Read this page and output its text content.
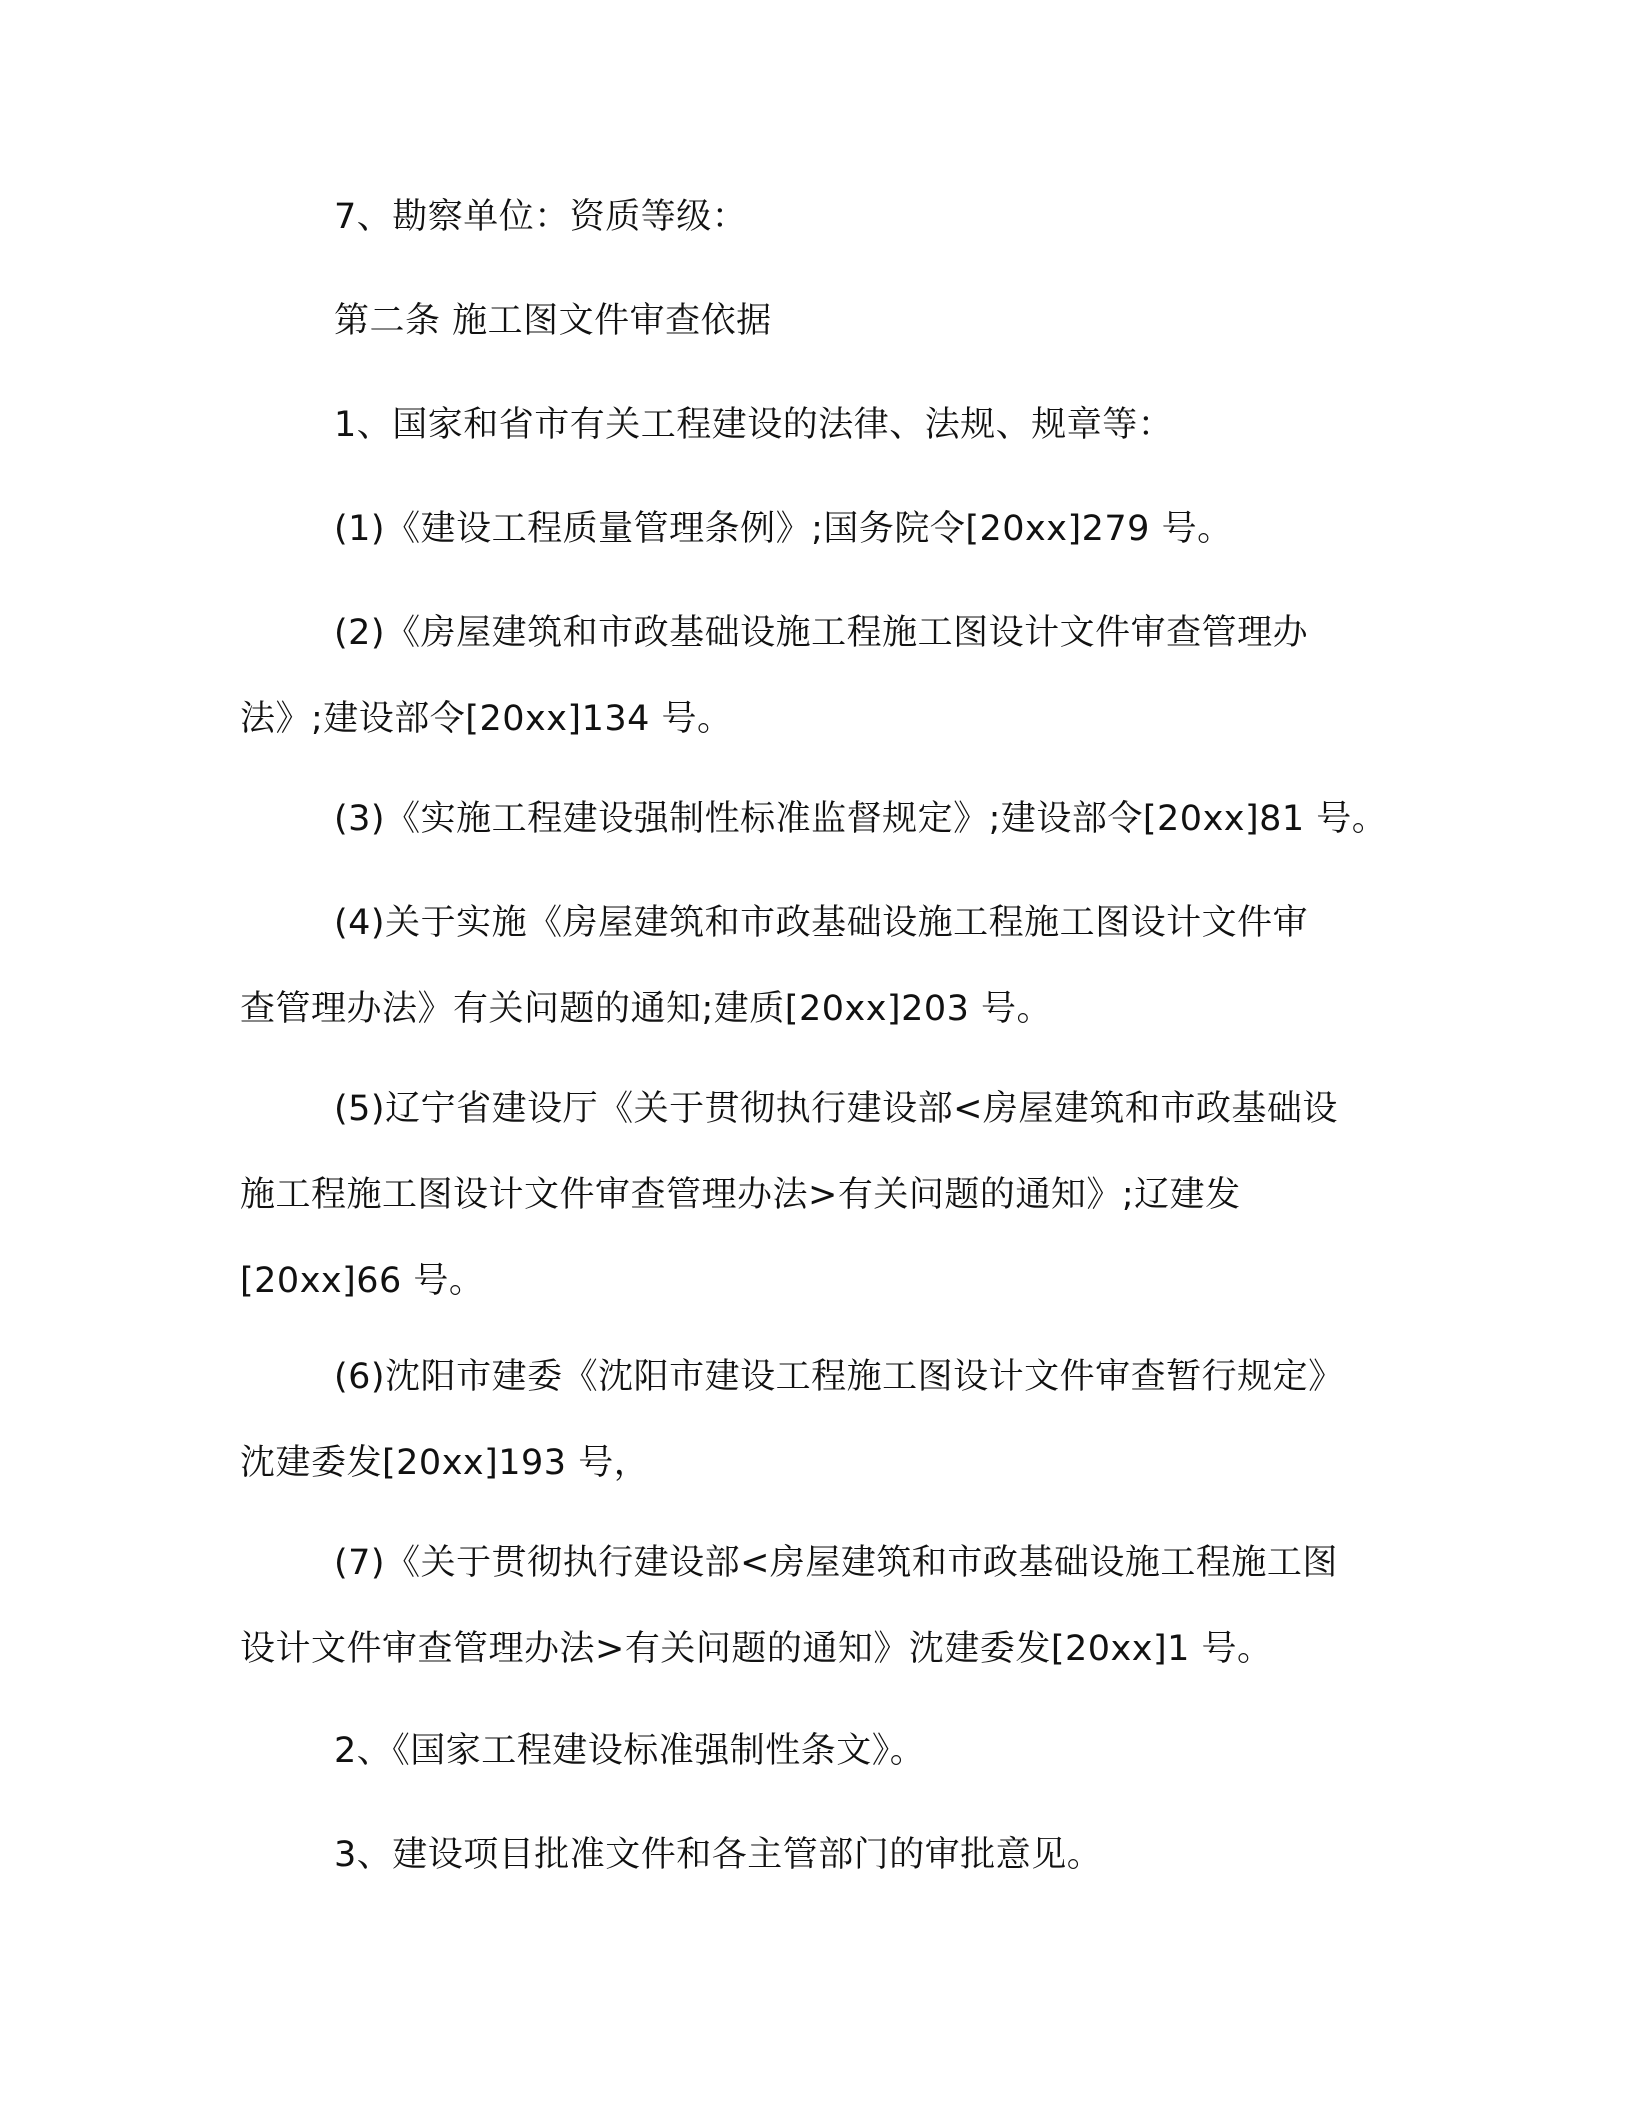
7、勘察单位：资质等级：
第二条 施工图文件审查依据
1、国家和省市有关工程建设的法律、法规、规章等：
(1)《建设工程质量管理条例》;国务院令[20xx]279 号。
(2)《房屋建筑和市政基础设施工程施工图设计文件审查管理办
法》;建设部令[20xx]134 号。
(3)《实施工程建设强制性标准监督规定》;建设部令[20xx]81 号。
(4)关于实施《房屋建筑和市政基础设施工程施工图设计文件审
查管理办法》有关问题的通知;建质[20xx]203 号。
(5)辽宁省建设厅《关于贯彻执行建设部<房屋建筑和市政基础设
施工程施工图设计文件审查管理办法>有关问题的通知》;辽建发
[20xx]66 号。
(6)沈阳市建委《沈阳市建设工程施工图设计文件审查暂行规定》
沈建委发[20xx]193 号，
(7)《关于贯彻执行建设部<房屋建筑和市政基础设施工程施工图
设计文件审查管理办法>有关问题的通知》沈建委发[20xx]1 号。
2、《国家工程建设标准强制性条文》。
3、建设项目批准文件和各主管部门的审批意见。
